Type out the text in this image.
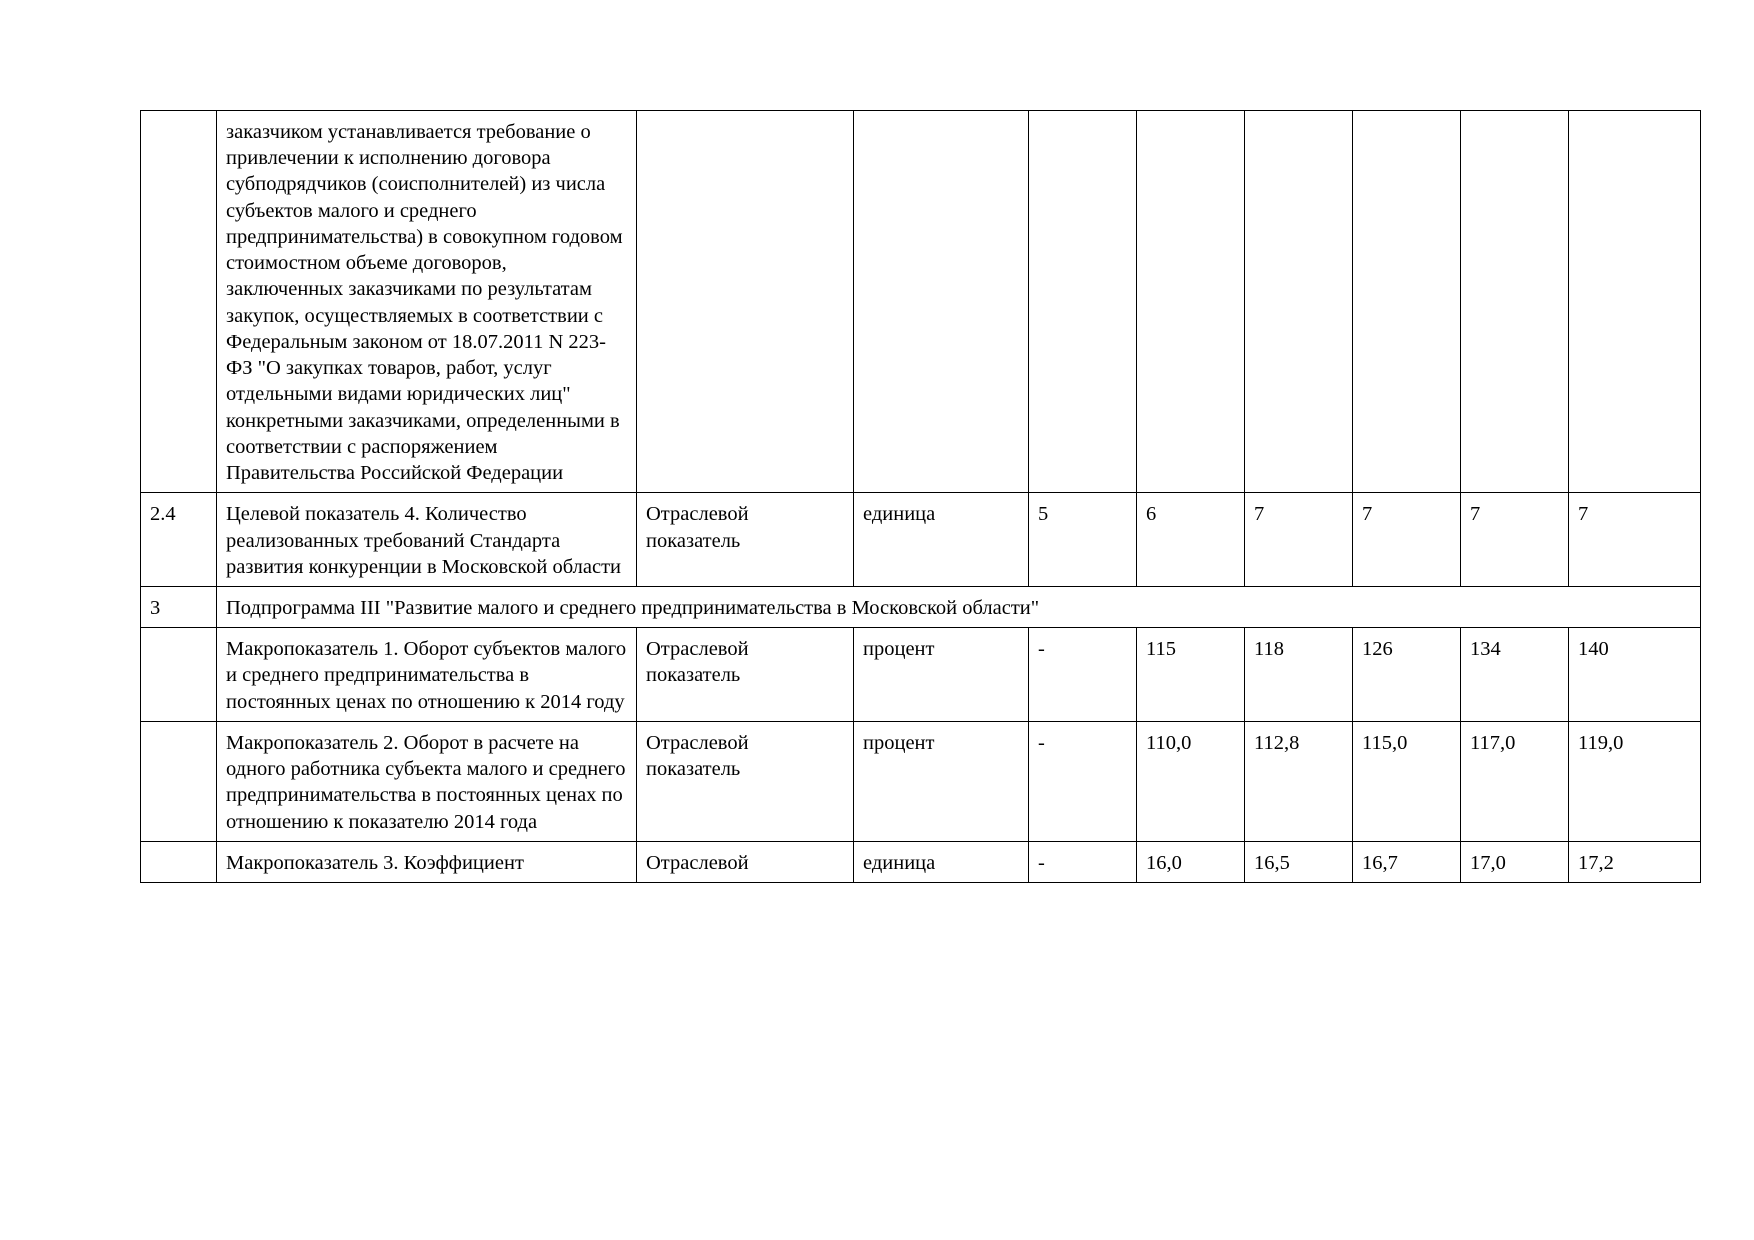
	заказчиком устанавливается требование о привлечении к исполнению договора субподрядчиков (соисполнителей) из числа субъектов малого и среднего предпринимательства) в совокупном годовом стоимостном объеме договоров, заключенных заказчиками по результатам закупок, осуществляемых в соответствии с Федеральным законом от 18.07.2011 N 223-ФЗ "О закупках товаров, работ, услуг отдельными видами юридических лиц" конкретными заказчиками, определенными в соответствии с распоряжением Правительства Российской Федерации								
2.4	Целевой показатель 4. Количество реализованных требований Стандарта развития конкуренции в Московской области	Отраслевой показатель	единица	5	6	7	7	7	7
3	Подпрограмма III "Развитие малого и среднего предпринимательства в Московской области"								
	Макропоказатель 1. Оборот субъектов малого и среднего предпринимательства в постоянных ценах по отношению к 2014 году	Отраслевой показатель	процент	-	115	118	126	134	140
	Макропоказатель 2. Оборот в расчете на одного работника субъекта малого и среднего предпринимательства в постоянных ценах по отношению к показателю 2014 года	Отраслевой показатель	процент	-	110,0	112,8	115,0	117,0	119,0
	Макропоказатель 3. Коэффициент	Отраслевой	единица	-	16,0	16,5	16,7	17,0	17,2
